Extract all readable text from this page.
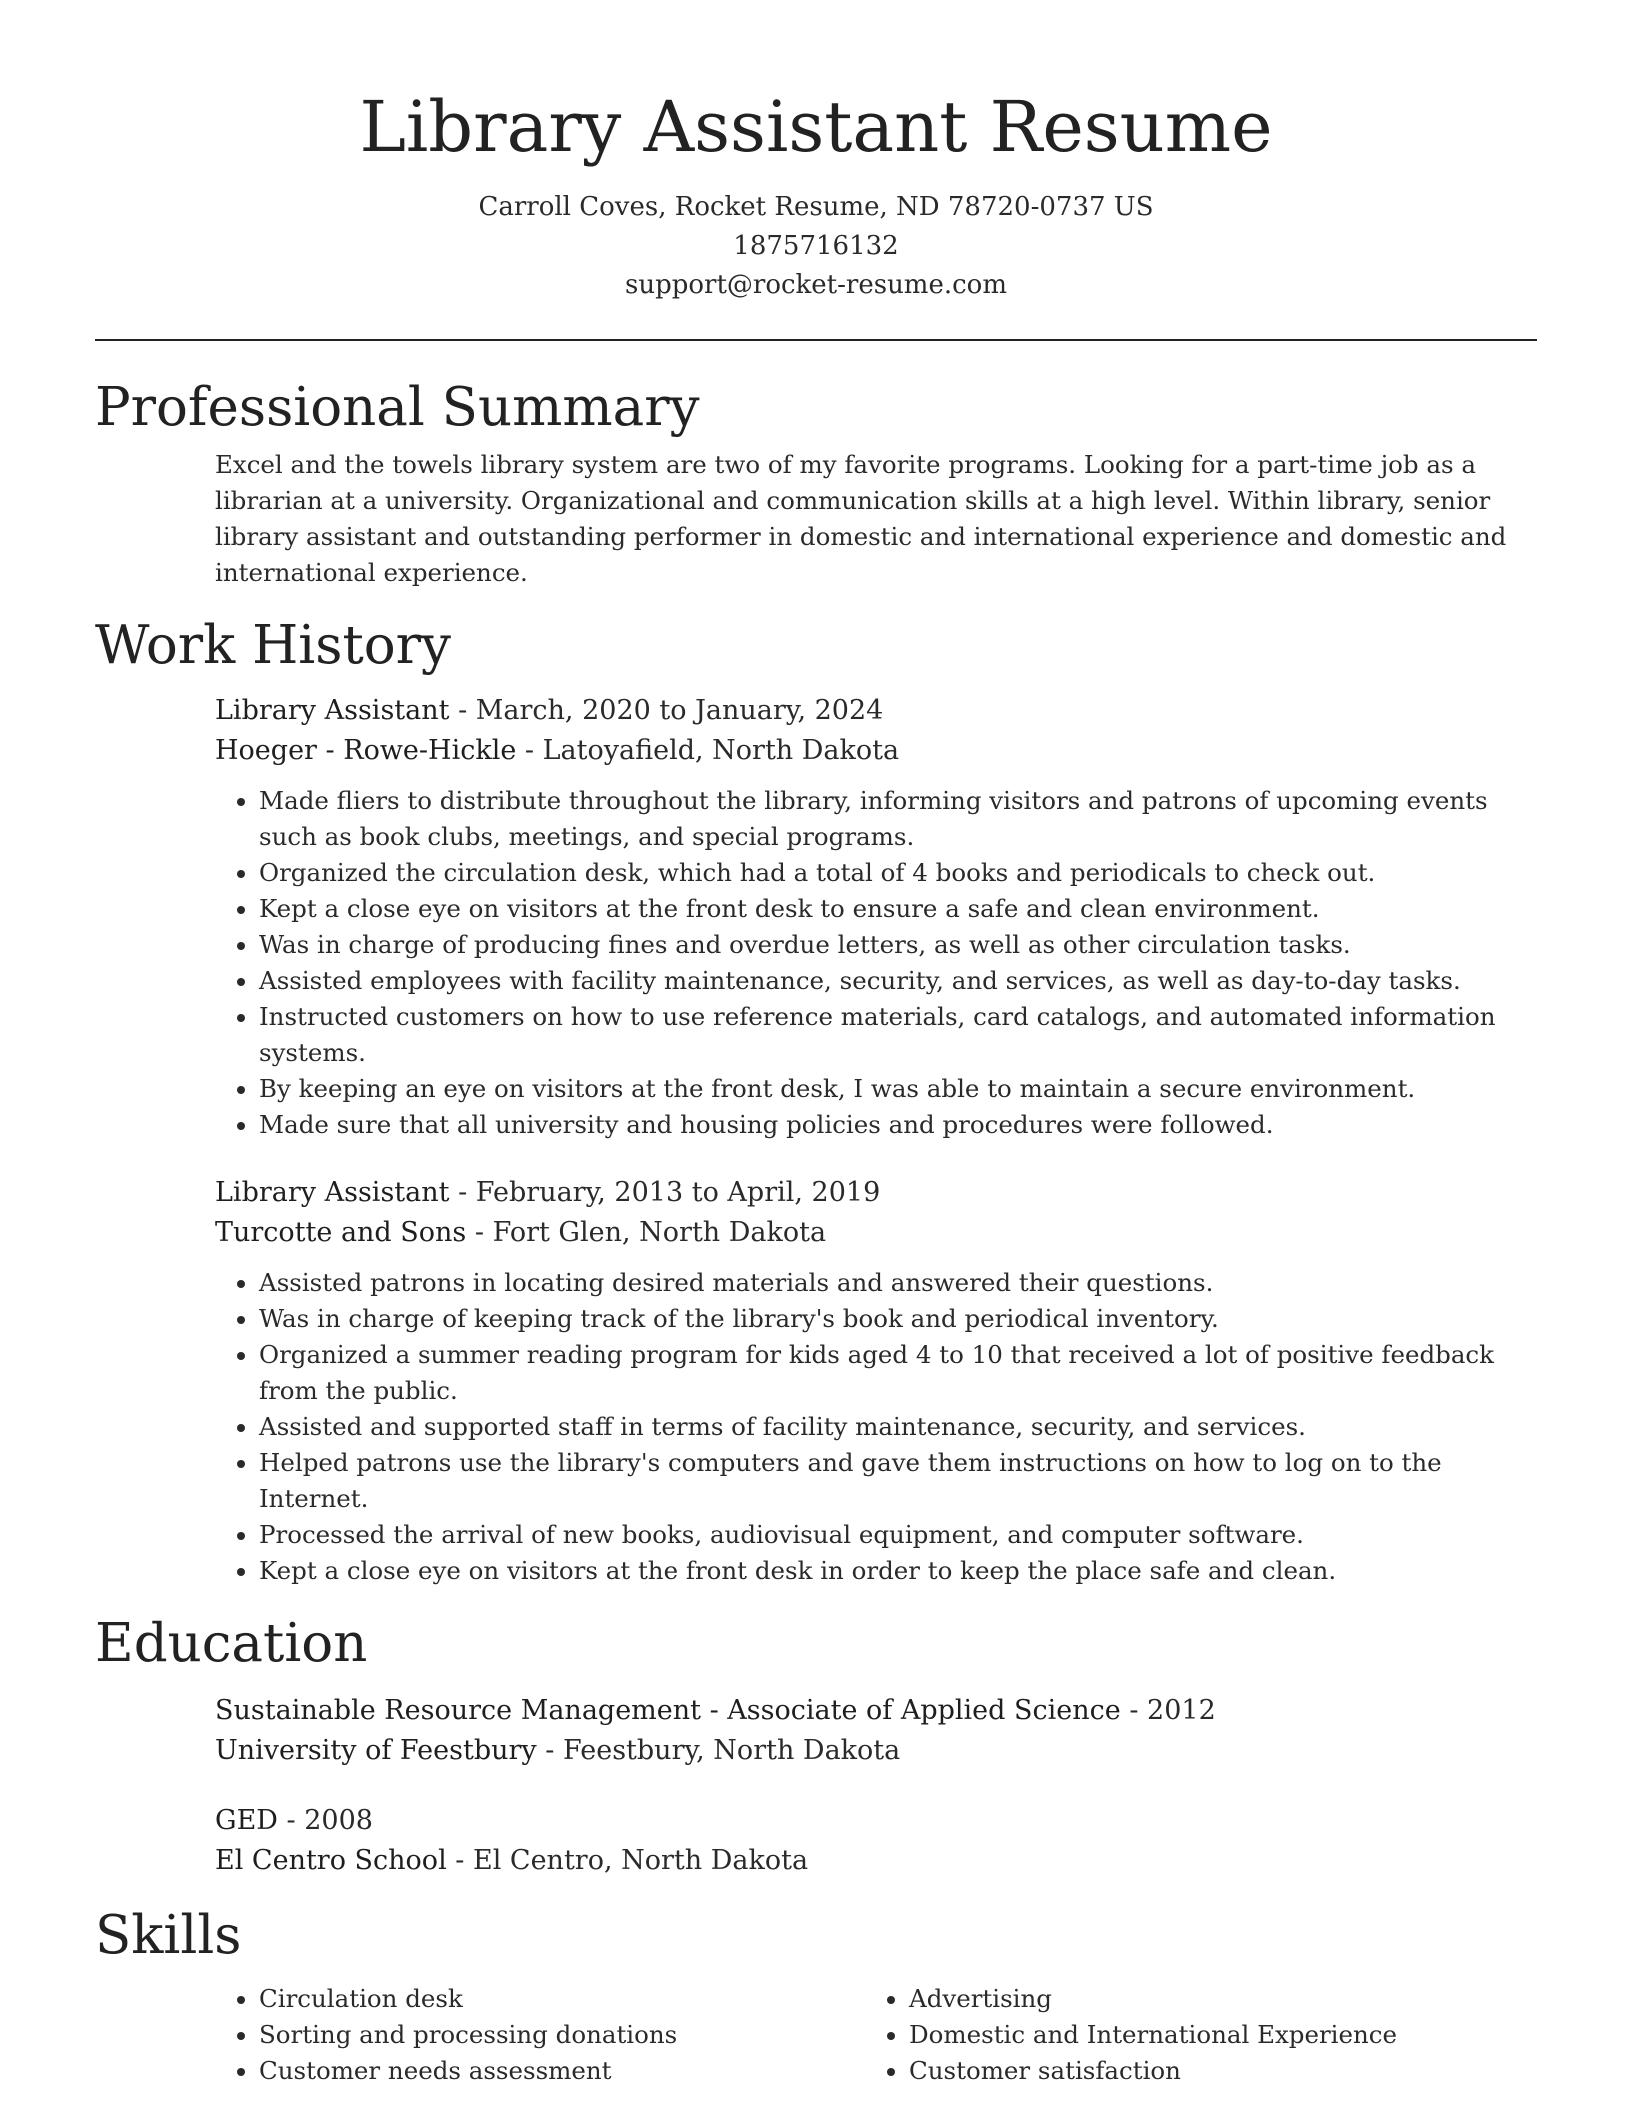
Library Assistant Resume
Carroll Coves, Rocket Resume, ND 78720-0737 US
1875716132
support@rocket-resume.com
Professional Summary

Excel and the towels library system are two of my favorite programs. Looking for a part-time job as a librarian at a university. Organizational and communication skills at a high level. Within library, senior library assistant and outstanding performer in domestic and international experience and domestic and international experience.

Work History
Library Assistant - March, 2020 to January, 2024
Hoeger - Rowe-Hickle - Latoyafield, North Dakota
• Made fliers to distribute throughout the library, informing visitors and patrons of upcoming events such as book clubs, meetings, and special programs.
• Organized the circulation desk, which had a total of 4 books and periodicals to check out.
• Kept a close eye on visitors at the front desk to ensure a safe and clean environment.
• Was in charge of producing fines and overdue letters, as well as other circulation tasks.
• Assisted employees with facility maintenance, security, and services, as well as day-to-day tasks.
• Instructed customers on how to use reference materials, card catalogs, and automated information systems.
• By keeping an eye on visitors at the front desk, I was able to maintain a secure environment.
• Made sure that all university and housing policies and procedures were followed.
Library Assistant - February, 2013 to April, 2019
Turcotte and Sons - Fort Glen, North Dakota
• Assisted patrons in locating desired materials and answered their questions.
• Was in charge of keeping track of the library's book and periodical inventory.
• Organized a summer reading program for kids aged 4 to 10 that received a lot of positive feedback from the public.
• Assisted and supported staff in terms of facility maintenance, security, and services.
• Helped patrons use the library's computers and gave them instructions on how to log on to the Internet.
• Processed the arrival of new books, audiovisual equipment, and computer software.
• Kept a close eye on visitors at the front desk in order to keep the place safe and clean.
Education
Sustainable Resource Management - Associate of Applied Science - 2012
University of Feestbury - Feestbury, North Dakota
GED - 2008
El Centro School - El Centro, North Dakota
Skills
• Circulation desk
• Sorting and processing donations
• Customer needs assessment
• Advertising
• Domestic and International Experience
• Customer satisfaction
